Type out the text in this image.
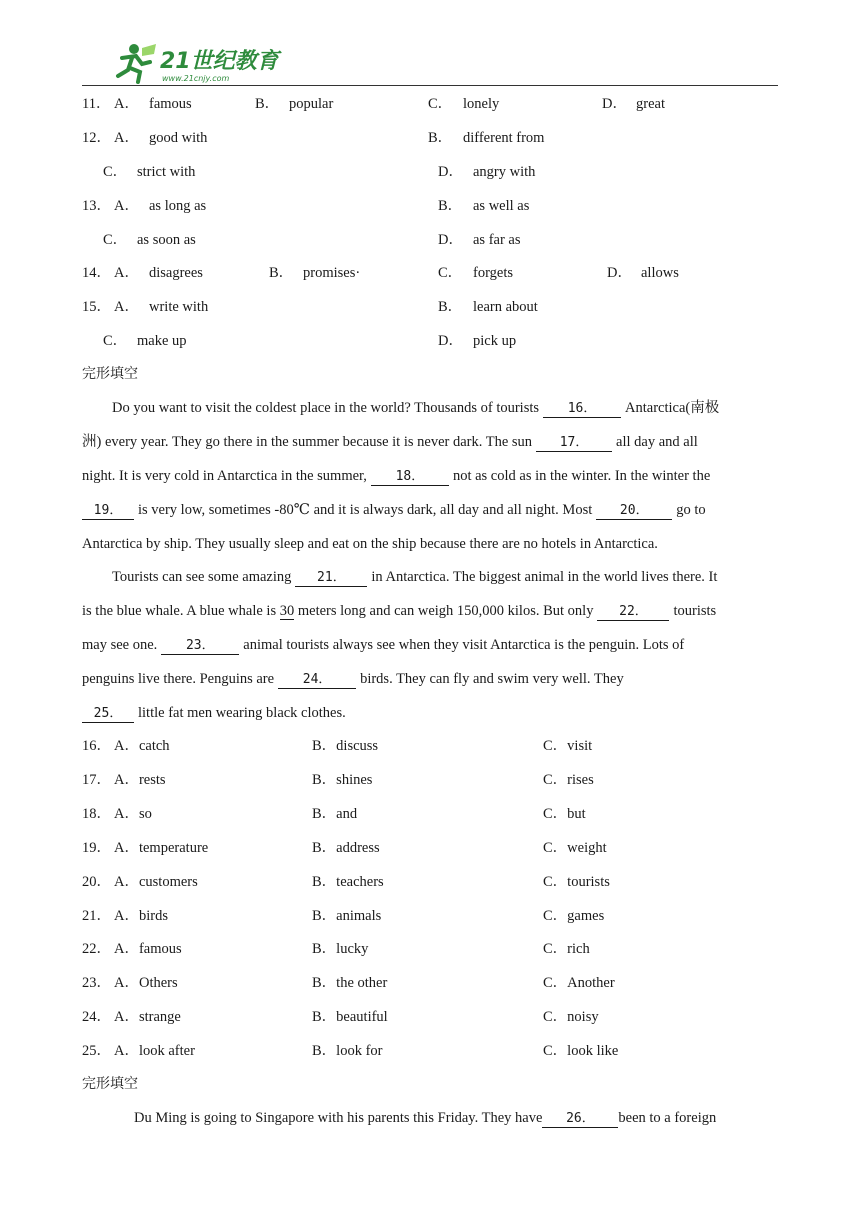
21世纪教育
www.21cnjy.com
11． A． famous	B． popular	C． lonely	D． great
12． A． good with	B． different from
C． strict with	D． angry with
13． A． as long as	B． as well as
C． as soon as	D． as far as
14． A． disagrees	B． promises·	C． forgets	D． allows
15． A． write with	B． learn about
C． make up	D． pick up
完形填空
Do you want to visit the coldest place in the world? Thousands of tourists 16． Antarctica(南极
洲) every year. They go there in the summer because it is never dark. The sun 17． all day and all
night. It is very cold in Antarctica in the summer, 18． not as cold as in the winter. In the winter the
19． is very low, sometimes -80℃ and it is always dark, all day and all night. Most 20． go to
Antarctica by ship. They usually sleep and eat on the ship because there are no hotels in Antarctica.
Tourists can see some amazing 21． in Antarctica. The biggest animal in the world lives there. It
is the blue whale. A blue whale is 30 meters long and can weigh 150,000 kilos. But only 22． tourists
may see one. 23． animal tourists always see when they visit Antarctica is the penguin. Lots of
penguins live there. Penguins are 24． birds. They can fly and swim very well. They
25． little fat men wearing black clothes.
16． A．catch	B．discuss	C．visit
17． A．rests	B．shines	C．rises
18． A．so	B．and	C．but
19． A．temperature	B．address	C．weight
20． A．customers	B．teachers	C．tourists
21． A．birds	B．animals	C．games
22． A．famous	B．lucky	C．rich
23． A．Others	B．the other	C．Another
24． A．strange	B．beautiful	C．noisy
25． A．look after	B．look for	C．look like
完形填空
Du Ming is going to Singapore with his parents this Friday. They have 26． been to a foreign
